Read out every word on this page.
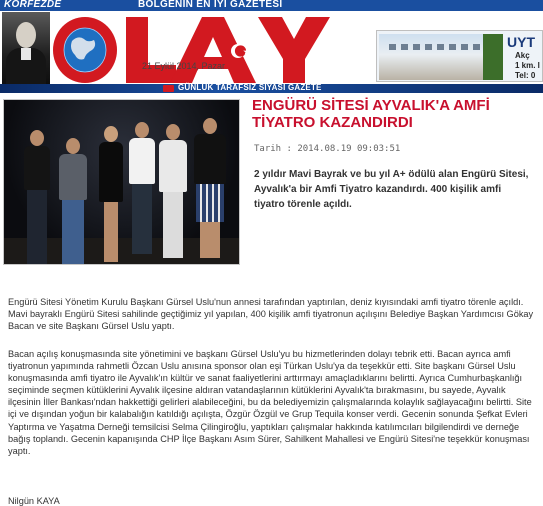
KÖRFEZDE	BÖLGENIN EN İYİ GAZETESİ
21 Eylül 2014, Pazar
UYT
Akç
1 km. l
Tel: 0
GÜNLÜK TARAFSIZ SİYASİ GAZETE
ENGÜRÜ SİTESİ AYVALIK'A AMFİ TİYATRO KAZANDIRDI
Tarih : 2014.08.19 09:03:51

2 yıldır Mavi Bayrak ve bu yıl A+ ödülü alan Engürü Sitesi, Ayvalık'a bir Amfi Tiyatro kazandırdı. 400 kişilik amfi tiyatro törenle açıldı.

Engürü Sitesi Yönetim Kurulu Başkanı Gürsel Uslu'nun annesi tarafından yaptırılan, deniz kıyısındaki amfi tiyatro törenle açıldı. Mavi bayraklı Engürü Sitesi sahilinde geçtiğimiz yıl yapılan, 400 kişilik amfi tiyatronun açılışını Belediye Başkan Yardımcısı Gökay Bacan ve site Başkanı Gürsel Uslu yaptı.

Bacan açılış konuşmasında site yönetimini ve başkanı Gürsel Uslu'yu bu hizmetlerinden dolayı tebrik etti. Bacan ayrıca amfi tiyatronun yapımında rahmetli Özcan Uslu anısına sponsor olan eşi Türkan Uslu'ya da teşekkür etti. Site başkanı Gürsel Uslu konuşmasında amfi tiyatro ile Ayvalık'ın kültür ve sanat faaliyetlerini arttırmayı amaçladıklarını belirtti. Ayrıca Cumhurbaşkanlığı seçiminde seçmen kütüklerini Ayvalık ilçesine aldıran vatandaşlarının kütüklerini Ayvalık'ta bırakmasını, bu sayede, Ayvalık ilçesinin İller Bankası'ndan hakkettiği gelirleri alabileceğini, bu da belediyemizin çalışmalarında kolaylık sağlayacağını belirtti. Site içi ve dışından yoğun bir kalabalığın katıldığı açılışta, Özgür Özgül ve Grup Tequila konser verdi. Gecenin sonunda Şefkat Evleri Yaptırma ve Yaşatma Derneği temsilcisi Selma Çilingiroğlu, yaptıkları çalışmalar hakkında katılımcıları bilgilendirdi ve derneğe bağış toplandı. Gecenin kapanışında CHP İlçe Başkanı Asım Sürer, Sahilkent Mahallesi ve Engürü Sitesi'ne teşekkür konuşması yaptı.

Nilgün KAYA
